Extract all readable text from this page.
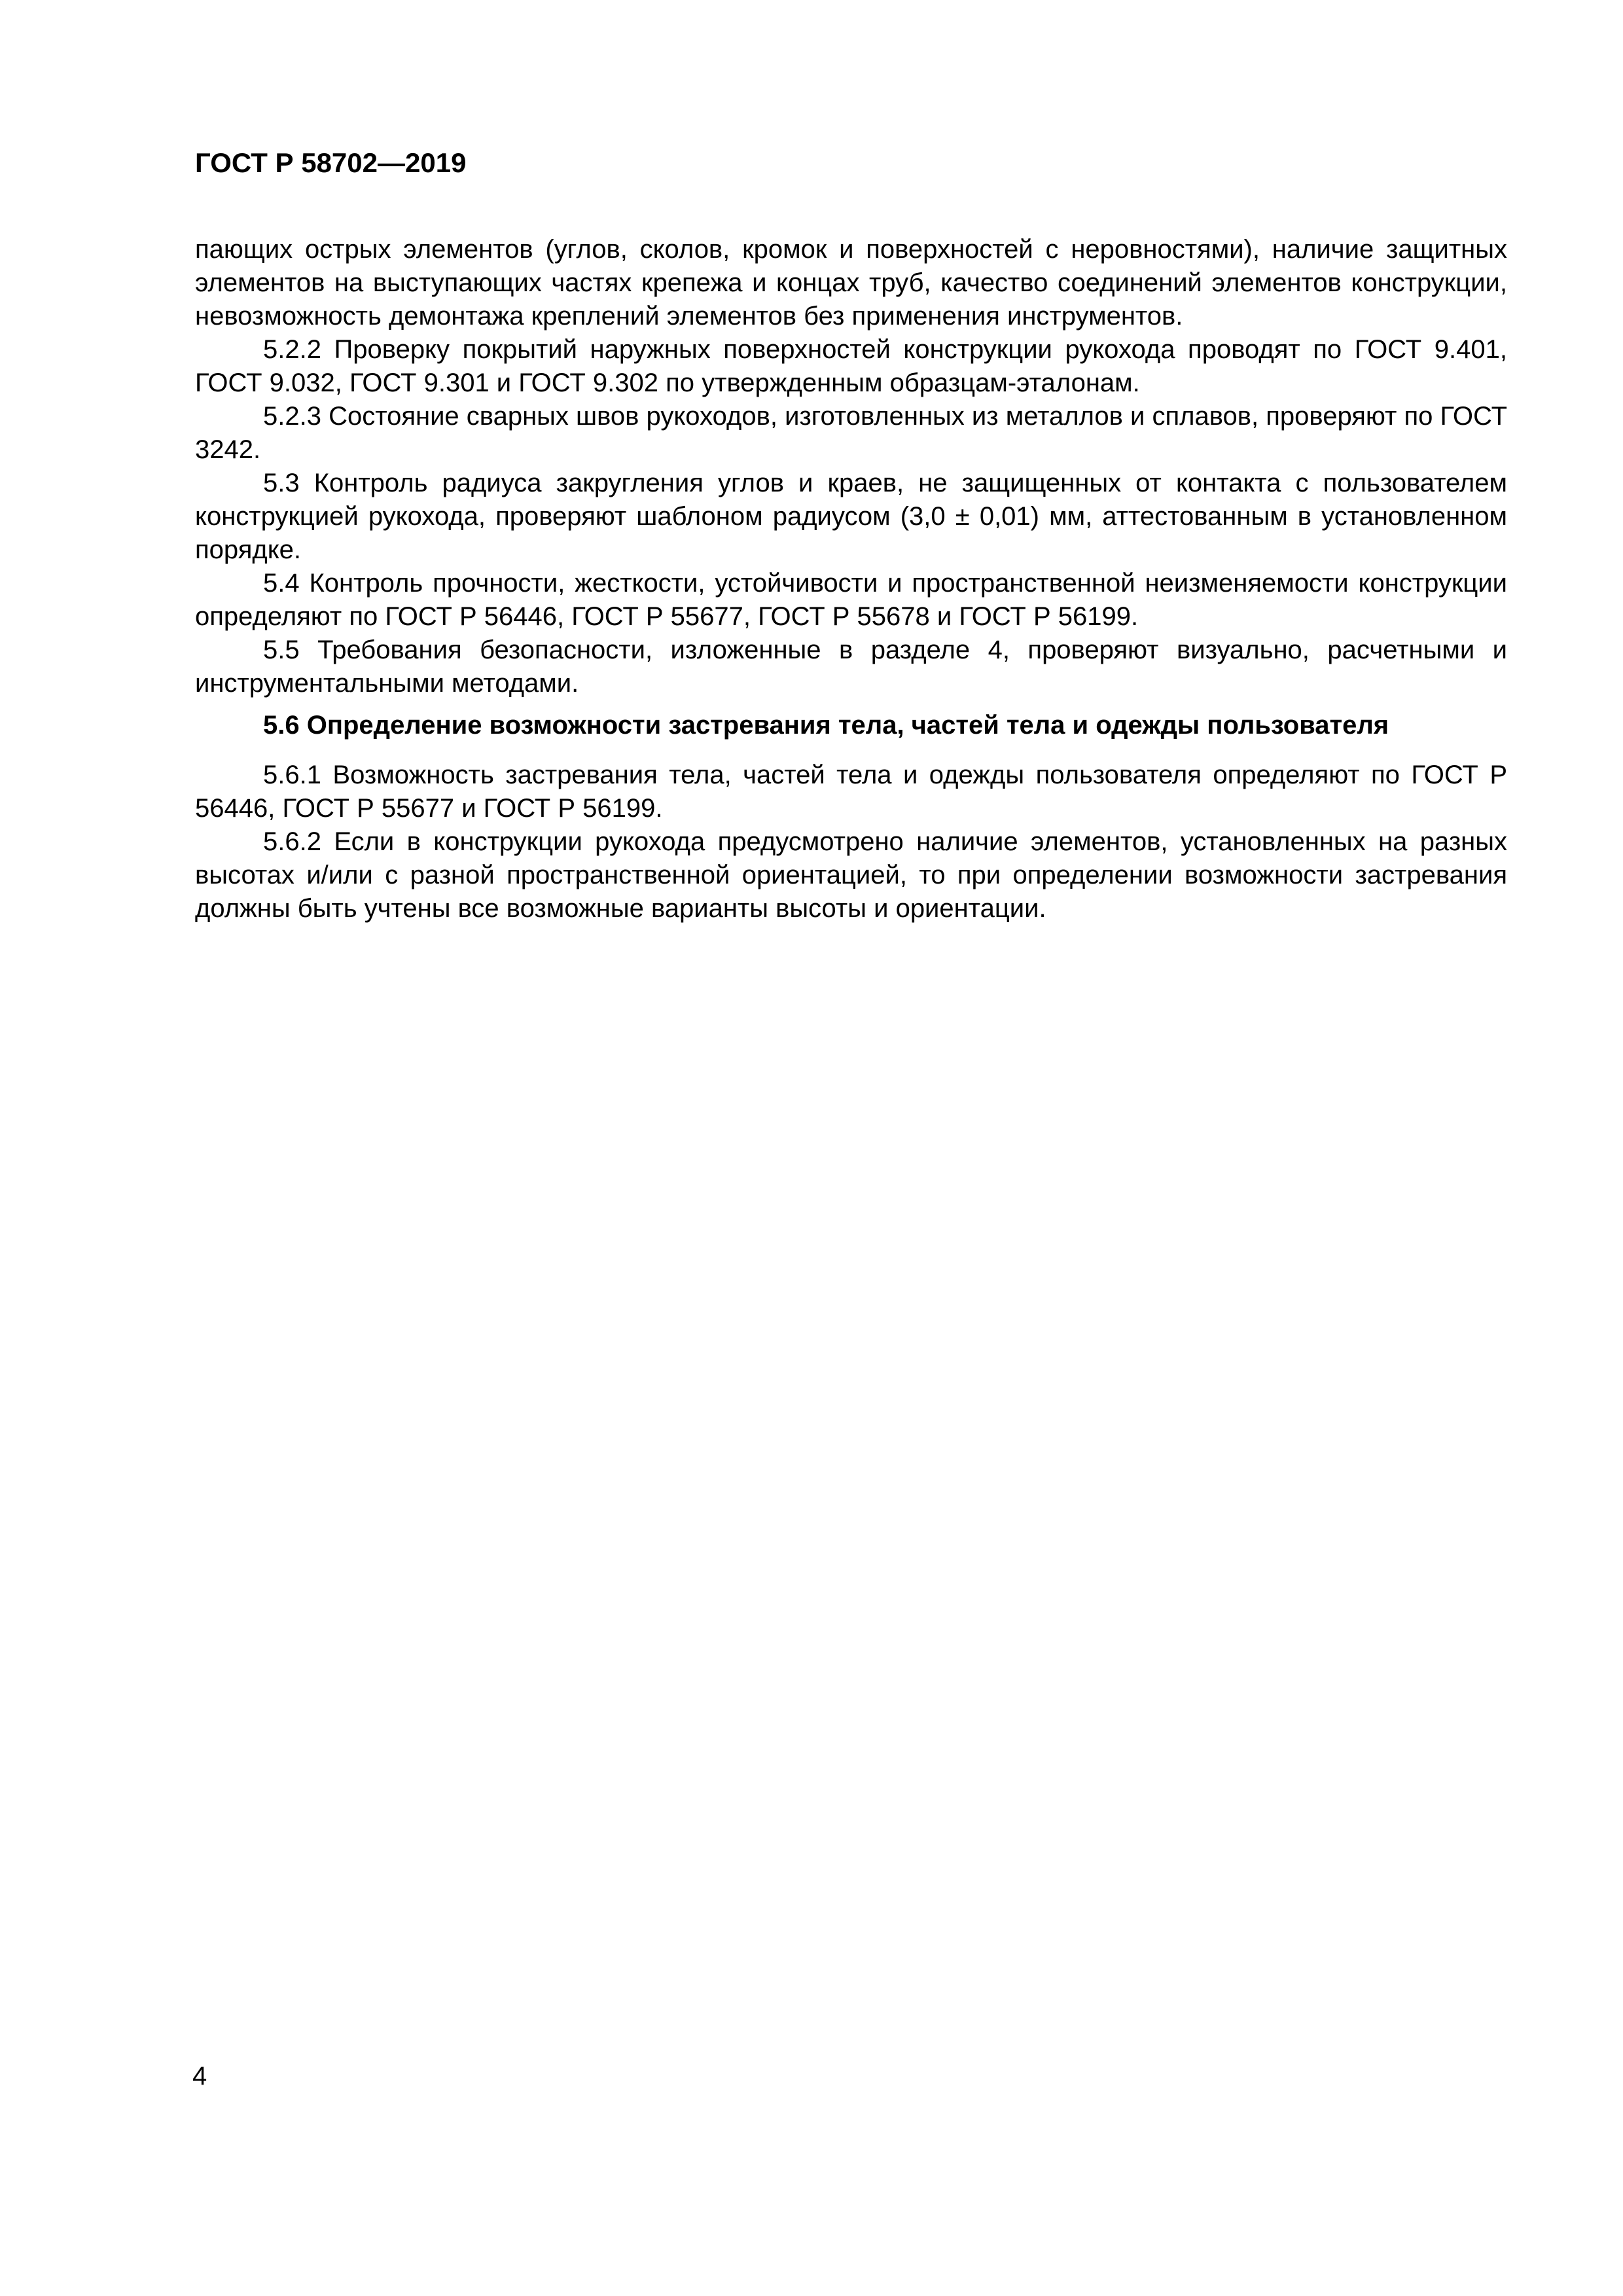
ГОСТ Р 58702—2019

пающих острых элементов (углов, сколов, кромок и поверхностей с неровностями), наличие защитных элементов на выступающих частях крепежа и концах труб, качество соединений элементов конструкции, невозможность демонтажа креплений элементов без применения инструментов.

5.2.2 Проверку покрытий наружных поверхностей конструкции рукохода проводят по ГОСТ 9.401, ГОСТ 9.032, ГОСТ 9.301 и ГОСТ 9.302 по утвержденным образцам-эталонам.

5.2.3 Состояние сварных швов рукоходов, изготовленных из металлов и сплавов, проверяют по ГОСТ 3242.

5.3 Контроль радиуса закругления углов и краев, не защищенных от контакта с пользователем конструкцией рукохода, проверяют шаблоном радиусом (3,0 ± 0,01) мм, аттестованным в установленном порядке.

5.4 Контроль прочности, жесткости, устойчивости и пространственной неизменяемости конструкции определяют по ГОСТ Р 56446, ГОСТ Р 55677, ГОСТ Р 55678 и ГОСТ Р 56199.

5.5 Требования безопасности, изложенные в разделе 4, проверяют визуально, расчетными и инструментальными методами.

5.6 Определение возможности застревания тела, частей тела и одежды пользователя

5.6.1 Возможность застревания тела, частей тела и одежды пользователя определяют по ГОСТ Р 56446, ГОСТ Р 55677 и ГОСТ Р 56199.

5.6.2 Если в конструкции рукохода предусмотрено наличие элементов, установленных на разных высотах и/или с разной пространственной ориентацией, то при определении возможности застревания должны быть учтены все возможные варианты высоты и ориентации.

4
